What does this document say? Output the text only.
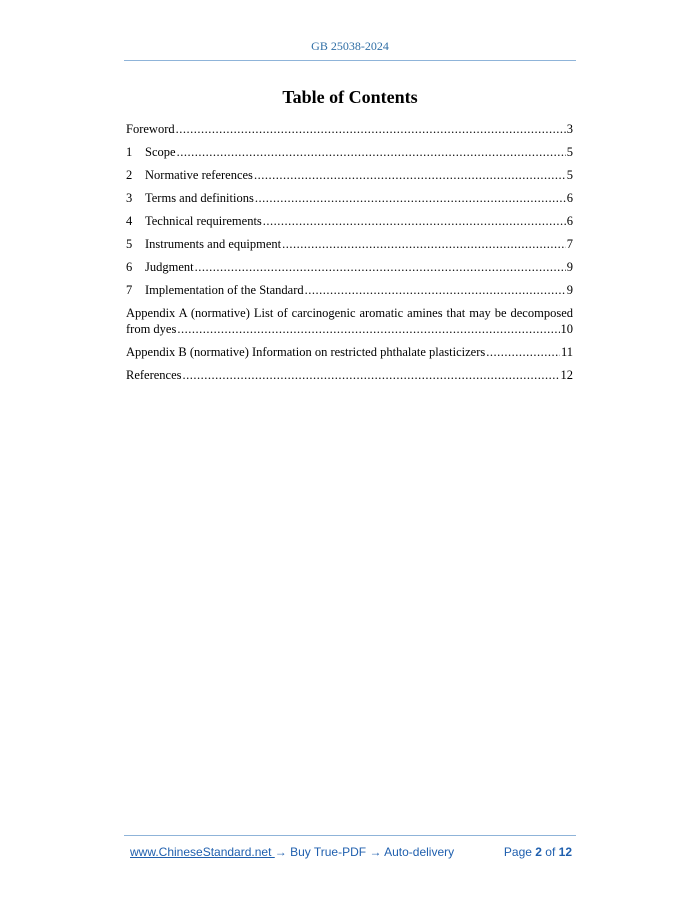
GB 25038-2024
Table of Contents
Foreword .....	3
1	Scope .....	5
2	Normative references .....	5
3	Terms and definitions .....	6
4	Technical requirements .....	6
5	Instruments and equipment .....	7
6	Judgment .....	9
7	Implementation of the Standard .....	9
Appendix A (normative) List of carcinogenic aromatic amines that may be decomposed
from dyes .....	10
Appendix B (normative) Information on restricted phthalate plasticizers .....	11
References .....	12
www.ChineseStandard.net → Buy True-PDF → Auto-delivery	Page 2 of 12
